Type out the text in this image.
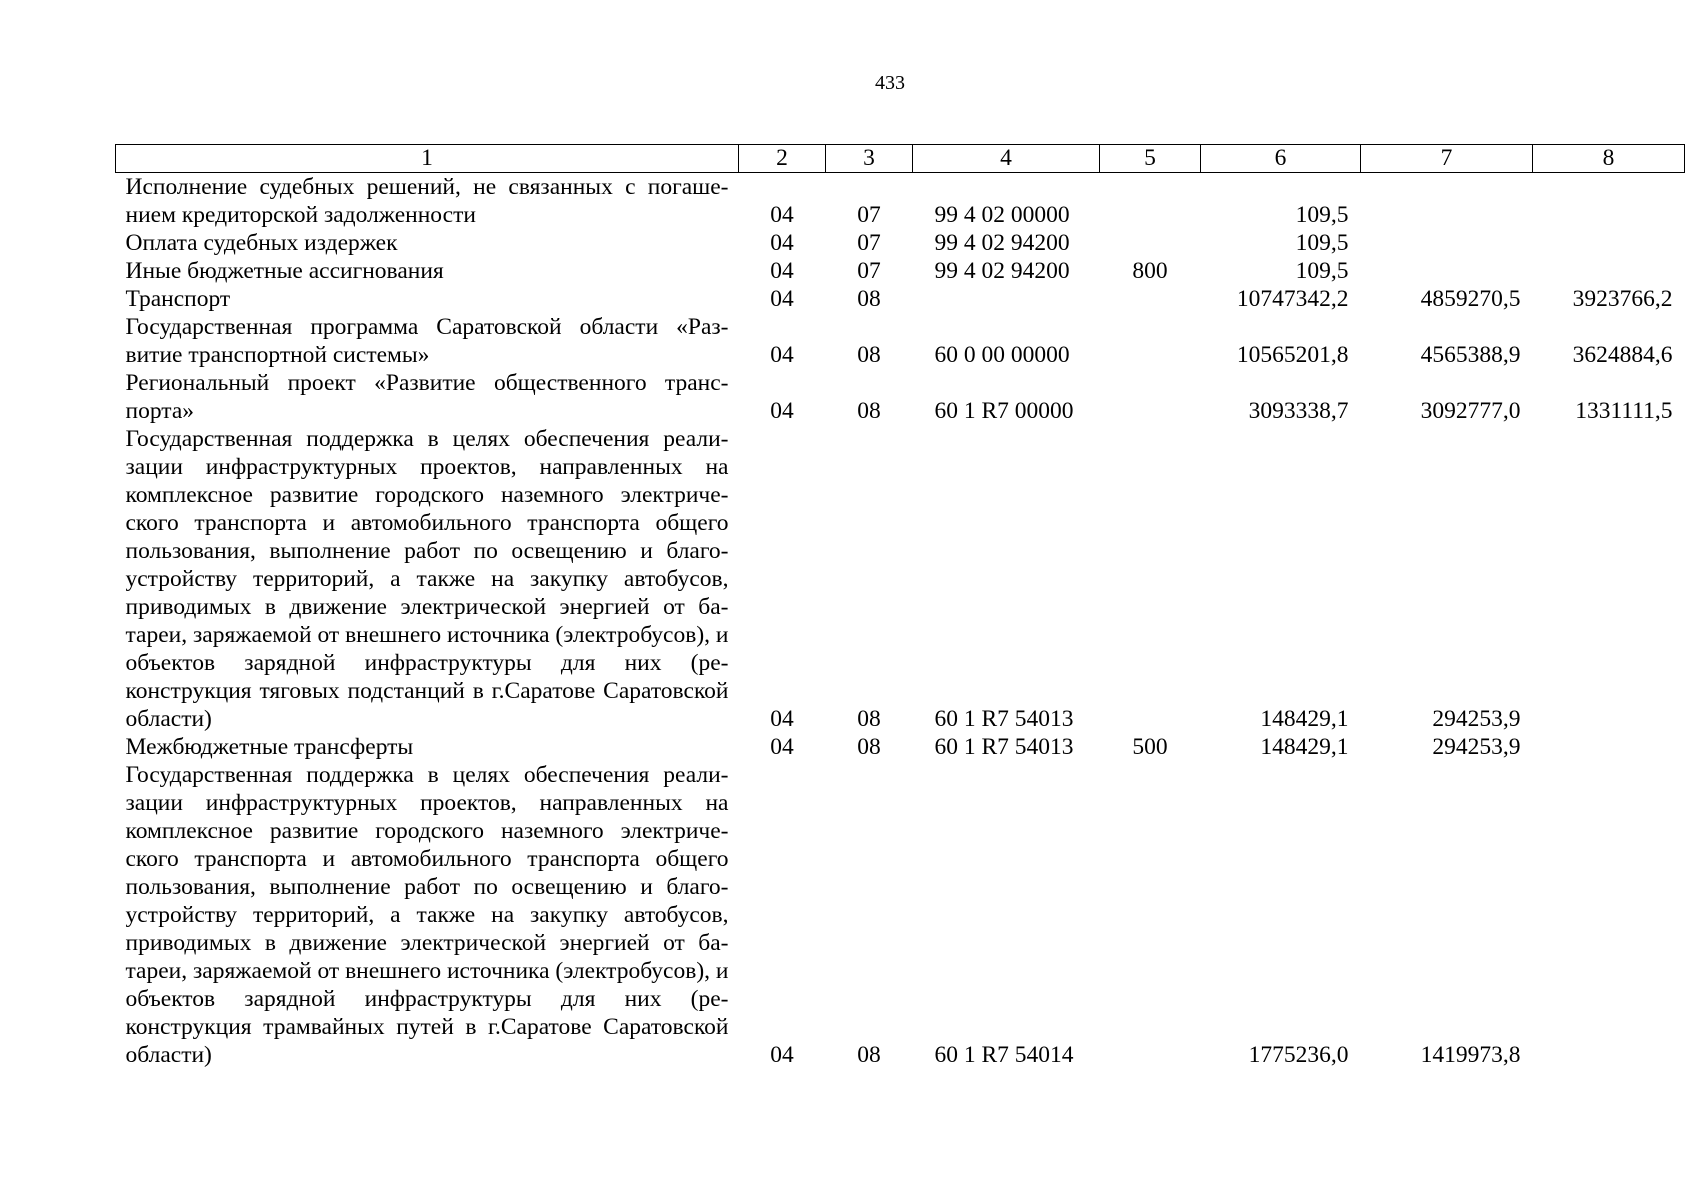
433
1	2	3	4	5	6	7	8
Исполнение судебных решений, не связанных с погашением кредиторской задолженности	04	07	99 4 02 00000		109,5		
Оплата судебных издержек	04	07	99 4 02 94200		109,5		
Иные бюджетные ассигнования	04	07	99 4 02 94200	800	109,5		
Транспорт	04	08			10747342,2	4859270,5	3923766,2
Государственная программа Саратовской области «Развитие транспортной системы»	04	08	60 0 00 00000		10565201,8	4565388,9	3624884,6
Региональный проект «Развитие общественного транспорта»	04	08	60 1 R7 00000		3093338,7	3092777,0	1331111,5
Государственная поддержка в целях обеспечения реализации инфраструктурных проектов, направленных на комплексное развитие городского наземного электрического транспорта и автомобильного транспорта общего пользования, выполнение работ по освещению и благоустройству территорий, а также на закупку автобусов, приводимых в движение электрической энергией от батареи, заряжаемой от внешнего источника (электробусов), и объектов зарядной инфраструктуры для них (реконструкция тяговых подстанций в г.Саратове Саратовской области)	04	08	60 1 R7 54013		148429,1	294253,9	
Межбюджетные трансферты	04	08	60 1 R7 54013	500	148429,1	294253,9	
Государственная поддержка в целях обеспечения реализации инфраструктурных проектов, направленных на комплексное развитие городского наземного электрического транспорта и автомобильного транспорта общего пользования, выполнение работ по освещению и благоустройству территорий, а также на закупку автобусов, приводимых в движение электрической энергией от батареи, заряжаемой от внешнего источника (электробусов), и объектов зарядной инфраструктуры для них (реконструкция трамвайных путей в г.Саратове Саратовской области)	04	08	60 1 R7 54014		1775236,0	1419973,8	
